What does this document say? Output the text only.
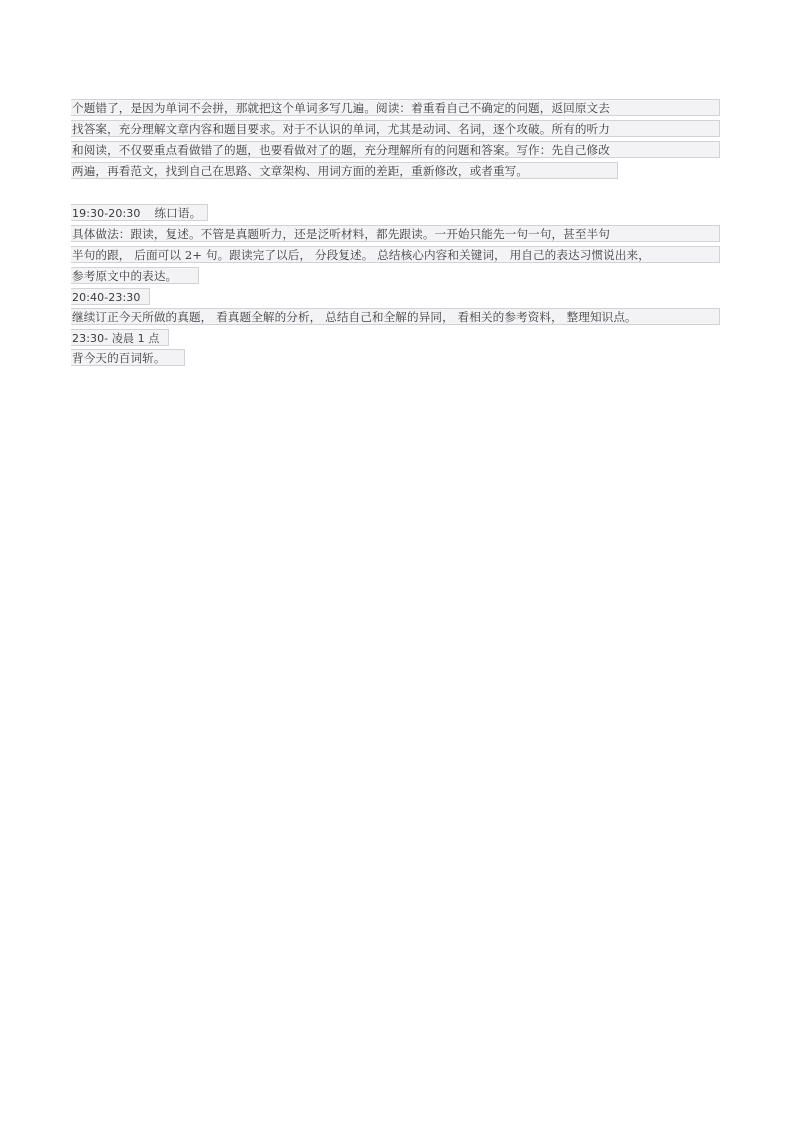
个题错了，是因为单词不会拼，那就把这个单词多写几遍。阅读：着重看自己不确定的问题，返回原文去
找答案，充分理解文章内容和题目要求。对于不认识的单词，尤其是动词、名词，逐个攻破。所有的听力
和阅读，不仅要重点看做错了的题，也要看做对了的题，充分理解所有的问题和答案。写作：先自己修改
两遍，再看范文，找到自己在思路、文章架构、用词方面的差距，重新修改，或者重写。
19:30-20:30 练口语。
具体做法：跟读，复述。不管是真题听力，还是泛听材料，都先跟读。一开始只能先一句一句，甚至半句
半句的跟， 后面可以 2+ 句。跟读完了以后， 分段复述。 总结核心内容和关键词， 用自己的表达习惯说出来，
参考原文中的表达。
20:40-23:30
继续订正今天所做的真题， 看真题全解的分析， 总结自己和全解的异同， 看相关的参考资料， 整理知识点。
23:30- 凌晨 1 点
背今天的百词斩。
